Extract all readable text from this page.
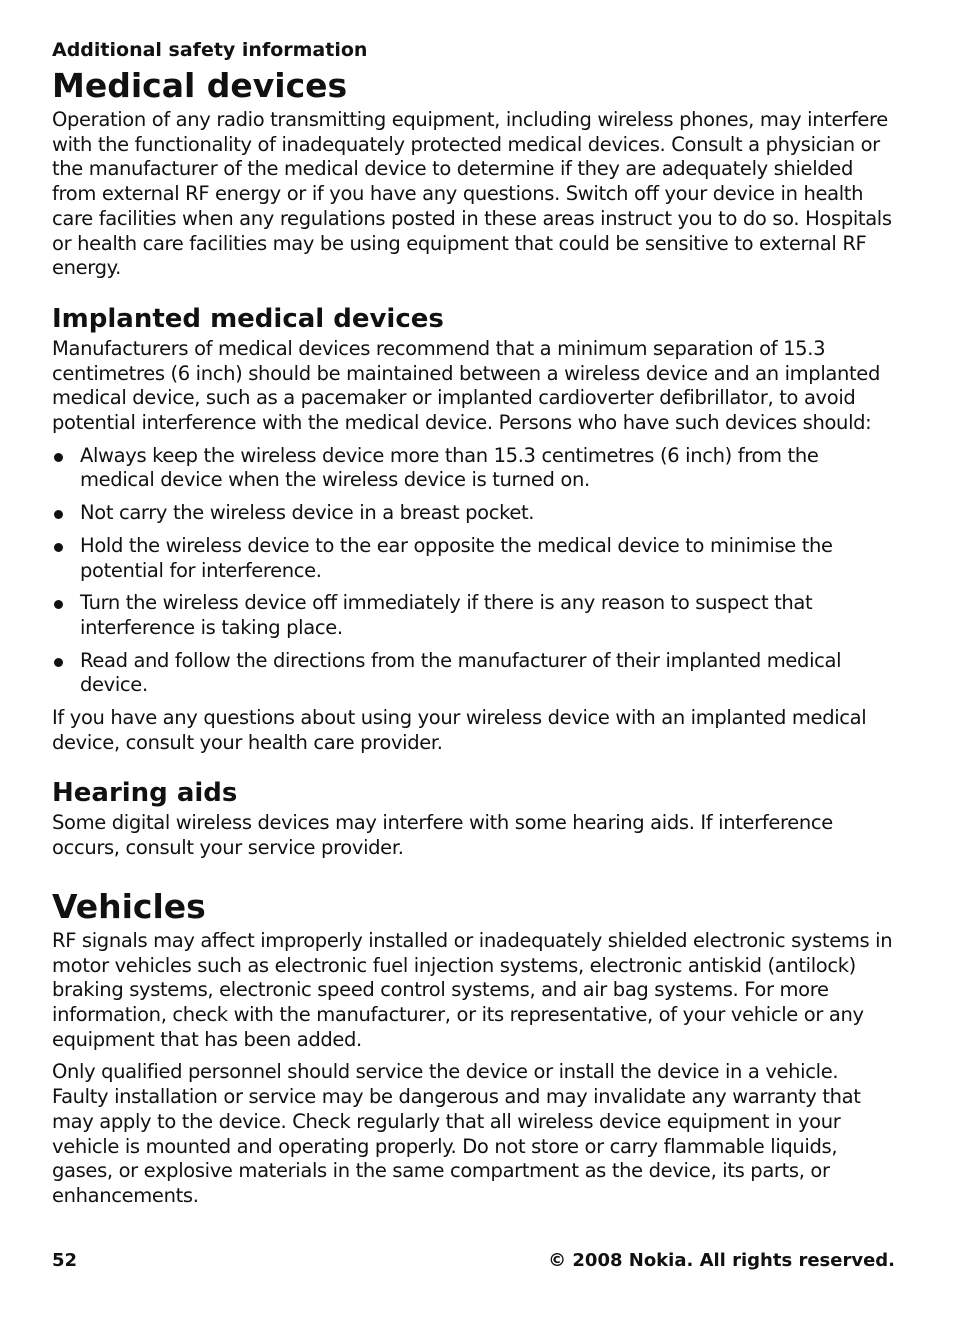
Additional safety information
Medical devices

Operation of any radio transmitting equipment, including wireless phones, may interfere with the functionality of inadequately protected medical devices. Consult a physician or the manufacturer of the medical device to determine if they are adequately shielded from external RF energy or if you have any questions. Switch off your device in health care facilities when any regulations posted in these areas instruct you to do so. Hospitals or health care facilities may be using equipment that could be sensitive to external RF energy.

Implanted medical devices

Manufacturers of medical devices recommend that a minimum separation of 15.3 centimetres (6 inch) should be maintained between a wireless device and an implanted medical device, such as a pacemaker or implanted cardioverter defibrillator, to avoid potential interference with the medical device. Persons who have such devices should:

Always keep the wireless device more than 15.3 centimetres (6 inch) from the medical device when the wireless device is turned on.
Not carry the wireless device in a breast pocket.
Hold the wireless device to the ear opposite the medical device to minimise the potential for interference.
Turn the wireless device off immediately if there is any reason to suspect that interference is taking place.
Read and follow the directions from the manufacturer of their implanted medical device.

If you have any questions about using your wireless device with an implanted medical device, consult your health care provider.

Hearing aids

Some digital wireless devices may interfere with some hearing aids. If interference occurs, consult your service provider.

Vehicles

RF signals may affect improperly installed or inadequately shielded electronic systems in motor vehicles such as electronic fuel injection systems, electronic antiskid (antilock) braking systems, electronic speed control systems, and air bag systems. For more information, check with the manufacturer, or its representative, of your vehicle or any equipment that has been added.

Only qualified personnel should service the device or install the device in a vehicle. Faulty installation or service may be dangerous and may invalidate any warranty that may apply to the device. Check regularly that all wireless device equipment in your vehicle is mounted and operating properly. Do not store or carry flammable liquids, gases, or explosive materials in the same compartment as the device, its parts, or enhancements.

52	© 2008 Nokia. All rights reserved.
